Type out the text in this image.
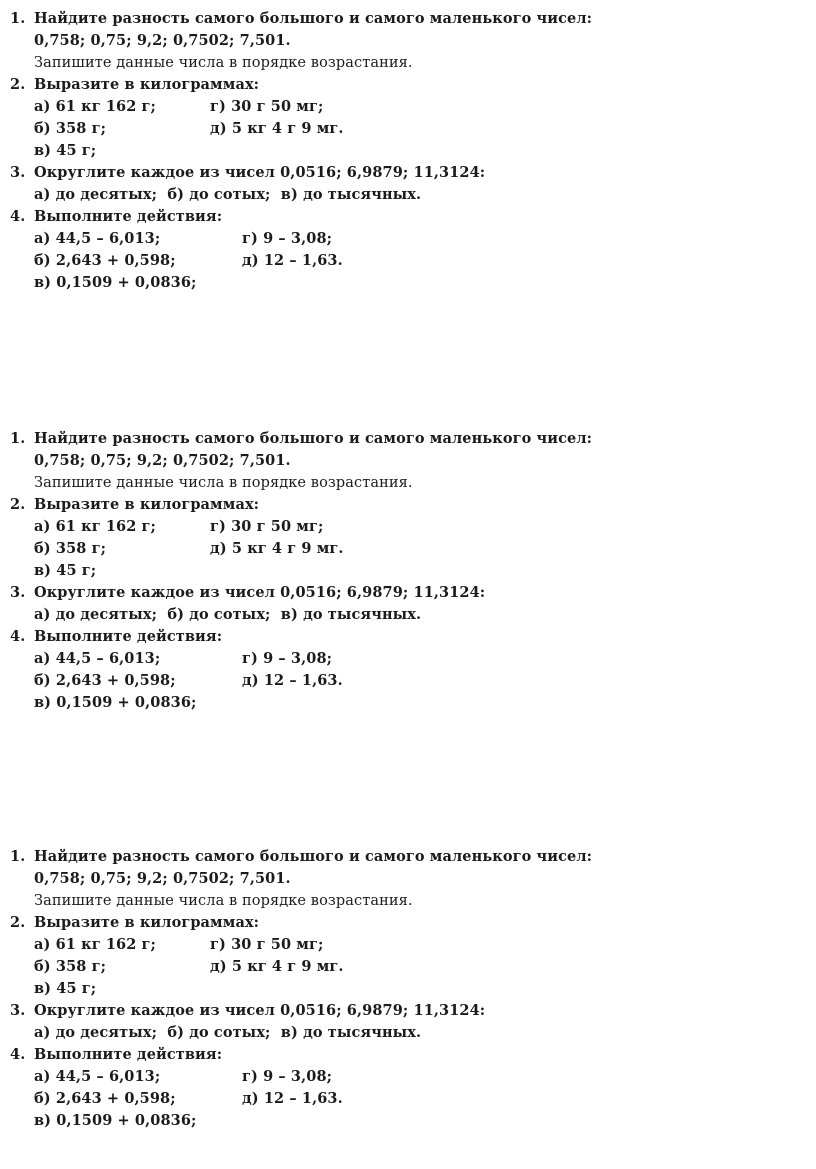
1. Найдите разность самого большого и самого маленького чисел:
0,758; 0,75; 9,2; 0,7502; 7,501.
Запишите данные числа в порядке возрастания.
2. Выразите в килограммах:
а) 61 кг 162 г;	г) 30 г 50 мг;
б) 358 г;	д) 5 кг 4 г 9 мг.
в) 45 г;
3. Округлите каждое из чисел 0,0516; 6,9879; 11,3124:
а) до десятых;  б) до сотых;  в) до тысячных.
4. Выполните действия:
а) 44,5 – 6,013;	г) 9 – 3,08;
б) 2,643 + 0,598;	д) 12 – 1,63.
в) 0,1509 + 0,0836;
1. Найдите разность самого большого и самого маленького чисел:
0,758; 0,75; 9,2; 0,7502; 7,501.
Запишите данные числа в порядке возрастания.
2. Выразите в килограммах:
а) 61 кг 162 г;	г) 30 г 50 мг;
б) 358 г;	д) 5 кг 4 г 9 мг.
в) 45 г;
3. Округлите каждое из чисел 0,0516; 6,9879; 11,3124:
а) до десятых;  б) до сотых;  в) до тысячных.
4. Выполните действия:
а) 44,5 – 6,013;	г) 9 – 3,08;
б) 2,643 + 0,598;	д) 12 – 1,63.
в) 0,1509 + 0,0836;
1. Найдите разность самого большого и самого маленького чисел:
0,758; 0,75; 9,2; 0,7502; 7,501.
Запишите данные числа в порядке возрастания.
2. Выразите в килограммах:
а) 61 кг 162 г;	г) 30 г 50 мг;
б) 358 г;	д) 5 кг 4 г 9 мг.
в) 45 г;
3. Округлите каждое из чисел 0,0516; 6,9879; 11,3124:
а) до десятых;  б) до сотых;  в) до тысячных.
4. Выполните действия:
а) 44,5 – 6,013;	г) 9 – 3,08;
б) 2,643 + 0,598;	д) 12 – 1,63.
в) 0,1509 + 0,0836;
